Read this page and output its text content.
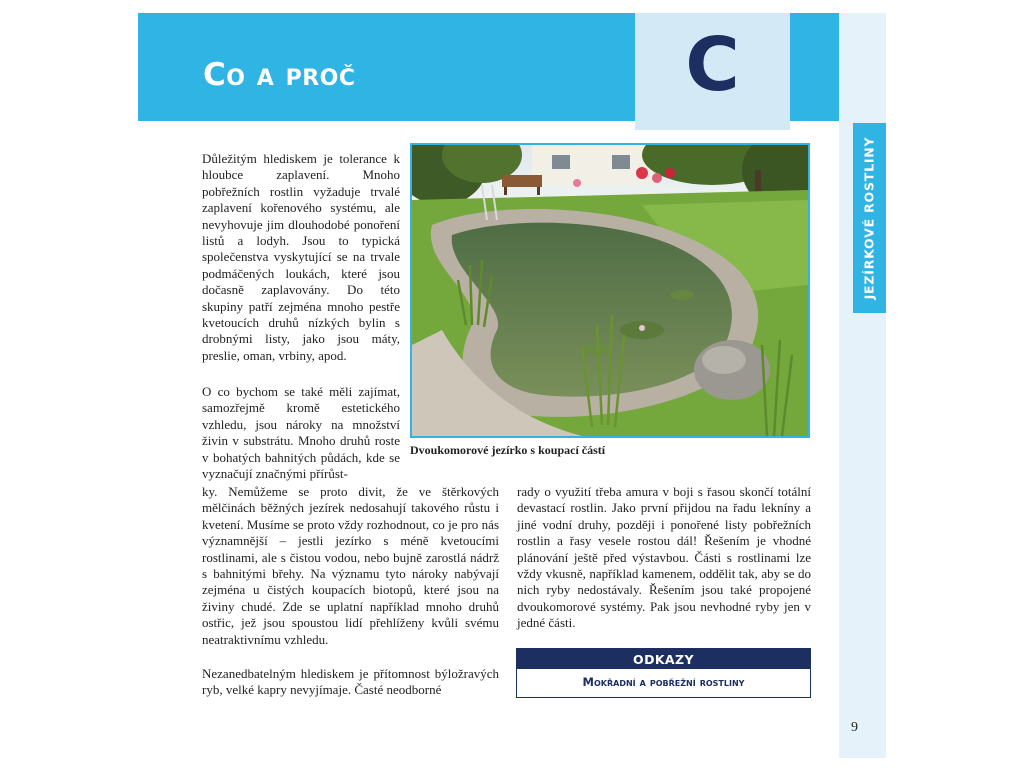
Co a proč	C
JEZÍRKOVÉ ROSTLINY

Důležitým hlediskem je tolerance k hloubce zaplavení. Mnoho pobřežních rostlin vyžaduje trvalé zaplavení kořenového systému, ale nevyhovuje jim dlouhodobé ponoření listů a lodyh. Jsou to typická společenstva vyskytující se na trvale podmáčených loukách, které jsou dočasně zaplavovány. Do této skupiny patří zejména mnoho pestře kvetoucích druhů nízkých bylin s drobnými listy, jako jsou máty, preslie, oman, vrbiny, apod.

O co bychom se také měli zajímat, samozřejmě kromě estetického vzhledu, jsou nároky na množství živin v substrátu. Mnoho druhů roste v bohatých bahnitých půdách, kde se vyznačují značnými přírůst-

ky. Nemůžeme se proto divit, že ve štěrkových mělčinách běžných jezírek nedosahují takového růstu i kvetení. Musíme se proto vždy rozhodnout, co je pro nás významnější – jestli jezírko s méně kvetoucími rostlinami, ale s čistou vodou, nebo bujně zarostlá nádrž s bahnitými břehy. Na významu tyto nároky nabývají zejména u čistých koupacích biotopů, které jsou na živiny chudé. Zde se uplatní například mnoho druhů ostřic, jež jsou spoustou lidí přehlíženy kvůli svému neatraktivnímu vzhledu.

Nezanedbatelným hlediskem je přítomnost býložravých ryb, velké kapry nevyjímaje. Časté neodborné

rady o využití třeba amura v boji s řasou skončí totální devastací rostlin. Jako první přijdou na řadu lekníny a jiné vodní druhy, později i ponořené listy pobřežních rostlin a řasy vesele rostou dál! Řešením je vhodné plánování ještě před výstavbou. Části s rostlinami lze vždy vkusně, například kamenem, oddělit tak, aby se do nich ryby nedostávaly. Řešením jsou také propojené dvoukomorové systémy. Pak jsou nevhodné ryby jen v jedné části.

Dvoukomorové jezírko s koupací částí
ODKAZY
Mokřadní a pobřežní rostliny
9
